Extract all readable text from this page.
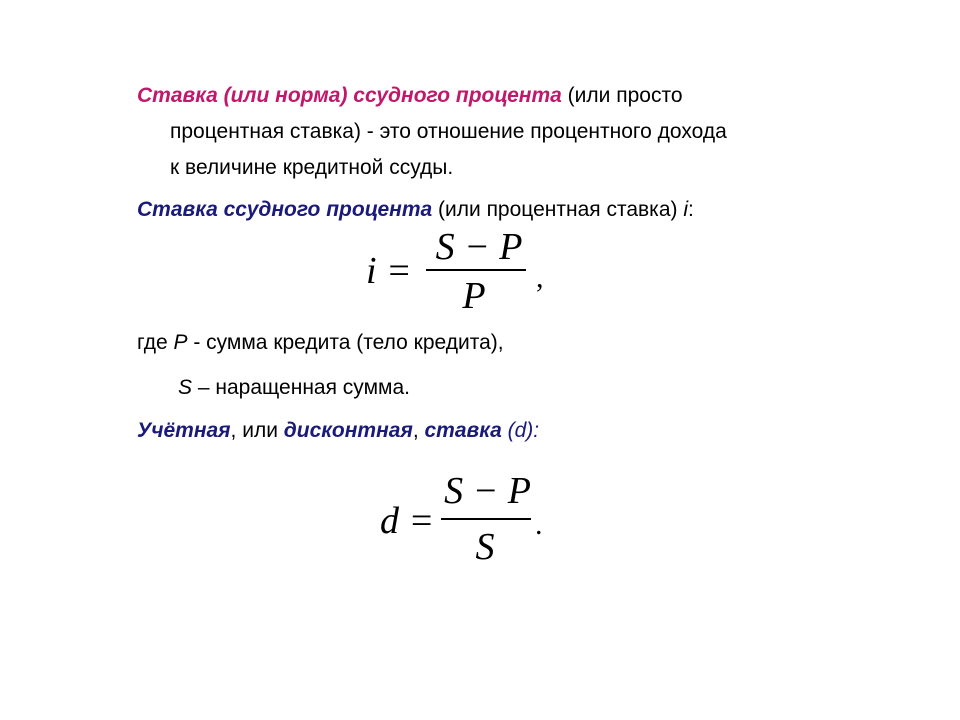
Ставка (или норма) ссудного процента (или просто
процентная ставка) - это отношение процентного дохода
к величине кредитной ссуды.
Ставка ссудного процента (или процентная ставка) i:
i =
S − P
P	,
где P - сумма кредита (тело кредита),
S – наращенная сумма.
Учётная, или дисконтная, ставка (d):
d =
S − P
S
.
